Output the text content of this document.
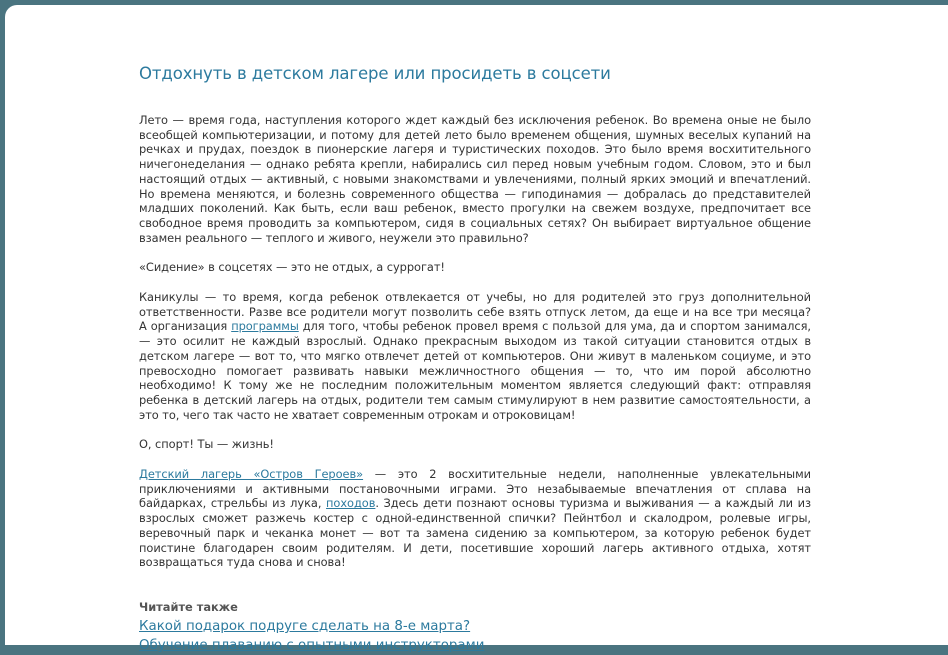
Отдохнуть в детском лагере или просидеть в соцсети

Лето — время года, наступления которого ждет каждый без исключения ребенок. Во времена оные не было всеобщей компьютеризации, и потому для детей лето было временем общения, шумных веселых купаний на речках и прудах, поездок в пионерские лагеря и туристических походов. Это было время восхитительного ничегонеделания — однако ребята крепли, набирались сил перед новым учебным годом. Словом, это и был настоящий отдых — активный, с новыми знакомствами и увлечениями, полный ярких эмоций и впечатлений. Но времена меняются, и болезнь современного общества — гиподинамия — добралась до представителей младших поколений. Как быть, если ваш ребенок, вместо прогулки на свежем воздухе, предпочитает все свободное время проводить за компьютером, сидя в социальных сетях? Он выбирает виртуальное общение взамен реального — теплого и живого, неужели это правильно?

«Сидение» в соцсетях — это не отдых, а суррогат!

Каникулы — то время, когда ребенок отвлекается от учебы, но для родителей это груз дополнительной ответственности. Разве все родители могут позволить себе взять отпуск летом, да еще и на все три месяца? А организация программы для того, чтобы ребенок провел время с пользой для ума, да и спортом занимался, — это осилит не каждый взрослый. Однако прекрасным выходом из такой ситуации становится отдых в детском лагере — вот то, что мягко отвлечет детей от компьютеров. Они живут в маленьком социуме, и это превосходно помогает развивать навыки межличностного общения — то, что им порой абсолютно необходимо! К тому же не последним положительным моментом является следующий факт: отправляя ребенка в детский лагерь на отдых, родители тем самым стимулируют в нем развитие самостоятельности, а это то, чего так часто не хватает современным отрокам и отроковицам!

О, спорт! Ты — жизнь!

Детский лагерь «Остров Героев» — это 2 восхитительные недели, наполненные увлекательными приключениями и активными постановочными играми. Это незабываемые впечатления от сплава на байдарках, стрельбы из лука, походов. Здесь дети познают основы туризма и выживания — а каждый ли из взрослых сможет разжечь костер с одной-единственной спички? Пейнтбол и скалодром, ролевые игры, веревочный парк и чеканка монет — вот та замена сидению за компьютером, за которую ребенок будет поистине благодарен своим родителям. И дети, посетившие хороший лагерь активного отдыха, хотят возвращаться туда снова и снова!

Читайте также
Какой подарок подруге сделать на 8-е марта?
Обучение плаванию с опытными инструкторами
